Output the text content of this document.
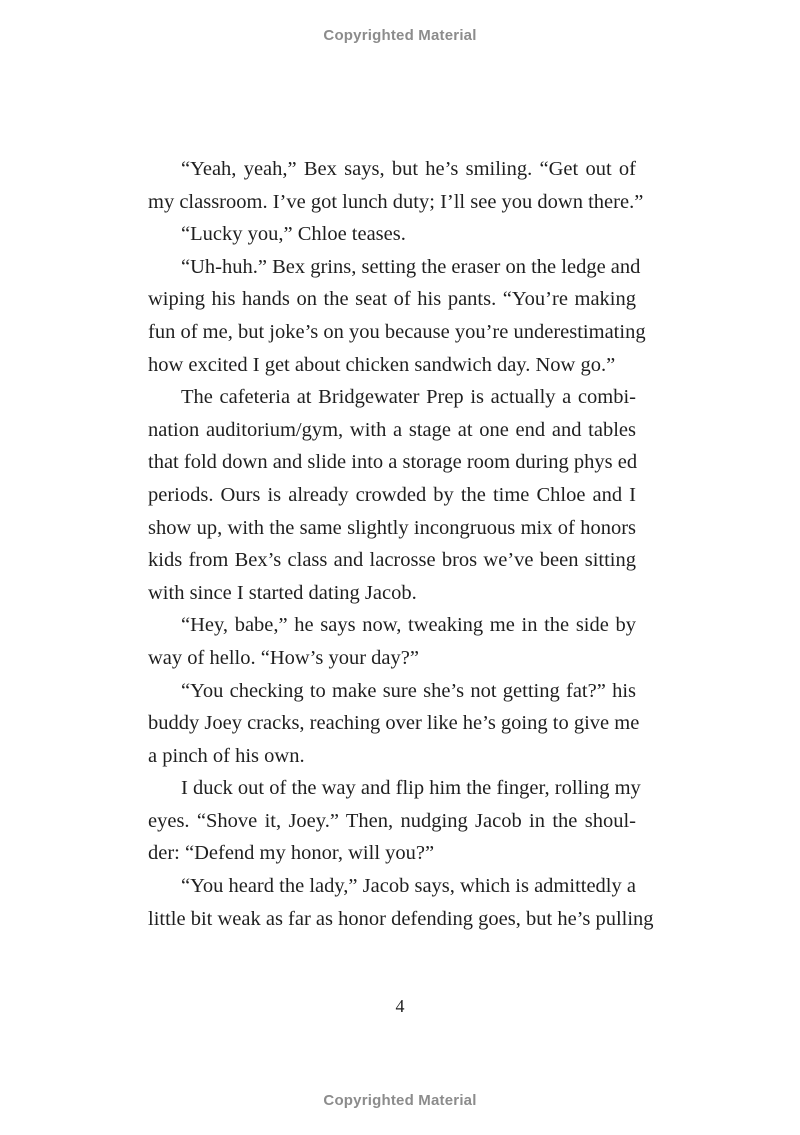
Copyrighted Material
“Yeah, yeah,” Bex says, but he’s smiling. “Get out of
my classroom. I’ve got lunch duty; I’ll see you down there.”
“Lucky you,” Chloe teases.
“Uh-huh.” Bex grins, setting the eraser on the ledge and
wiping his hands on the seat of his pants. “You’re making
fun of me, but joke’s on you because you’re underestimating
how excited I get about chicken sandwich day. Now go.”
The cafeteria at Bridgewater Prep is actually a combi-
nation auditorium/gym, with a stage at one end and tables
that fold down and slide into a storage room during phys ed
periods. Ours is already crowded by the time Chloe and I
show up, with the same slightly incongruous mix of honors
kids from Bex’s class and lacrosse bros we’ve been sitting
with since I started dating Jacob.
“Hey, babe,” he says now, tweaking me in the side by
way of hello. “How’s your day?”
“You checking to make sure she’s not getting fat?” his
buddy Joey cracks, reaching over like he’s going to give me
a pinch of his own.
I duck out of the way and flip him the finger, rolling my
eyes. “Shove it, Joey.” Then, nudging Jacob in the shoul-
der: “Defend my honor, will you?”
“You heard the lady,” Jacob says, which is admittedly a
little bit weak as far as honor defending goes, but he’s pulling
4
Copyrighted Material
